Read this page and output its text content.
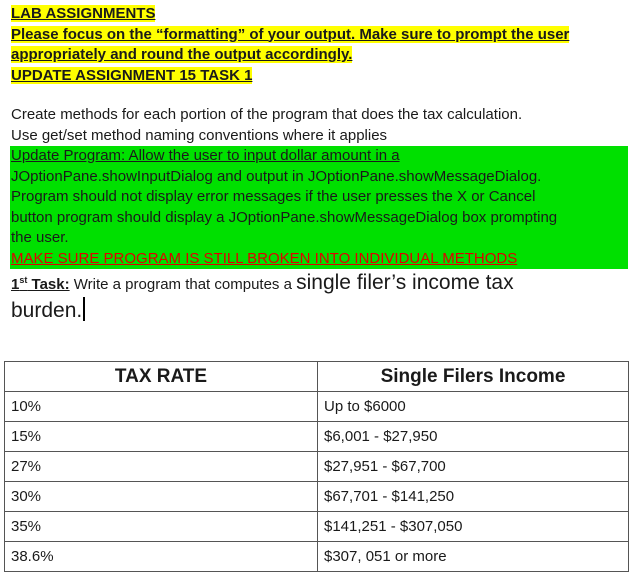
LAB ASSIGNMENTS
Please focus on the “formatting” of your output. Make sure to prompt the user
appropriately and round the output accordingly.
UPDATE ASSIGNMENT 15 TASK 1
Create methods for each portion of the program that does the tax calculation.
Use get/set method naming conventions where it applies
Update Program: Allow the user to input dollar amount in a
JOptionPane.showInputDialog and output in JOptionPane.showMessageDialog.
Program should not display error messages if the user presses the X or Cancel
button program should display a JOptionPane.showMessageDialog box prompting
the user.
MAKE SURE PROGRAM IS STILL BROKEN INTO INDIVIDUAL METHODS
1st Task: Write a program that computes a single filer’s income tax
burden.
TAX RATE	Single Filers Income
10%	Up to $6000
15%	$6,001 - $27,950
27%	$27,951 - $67,700
30%	$67,701 - $141,250
35%	$141,251 - $307,050
38.6%	$307, 051 or more
